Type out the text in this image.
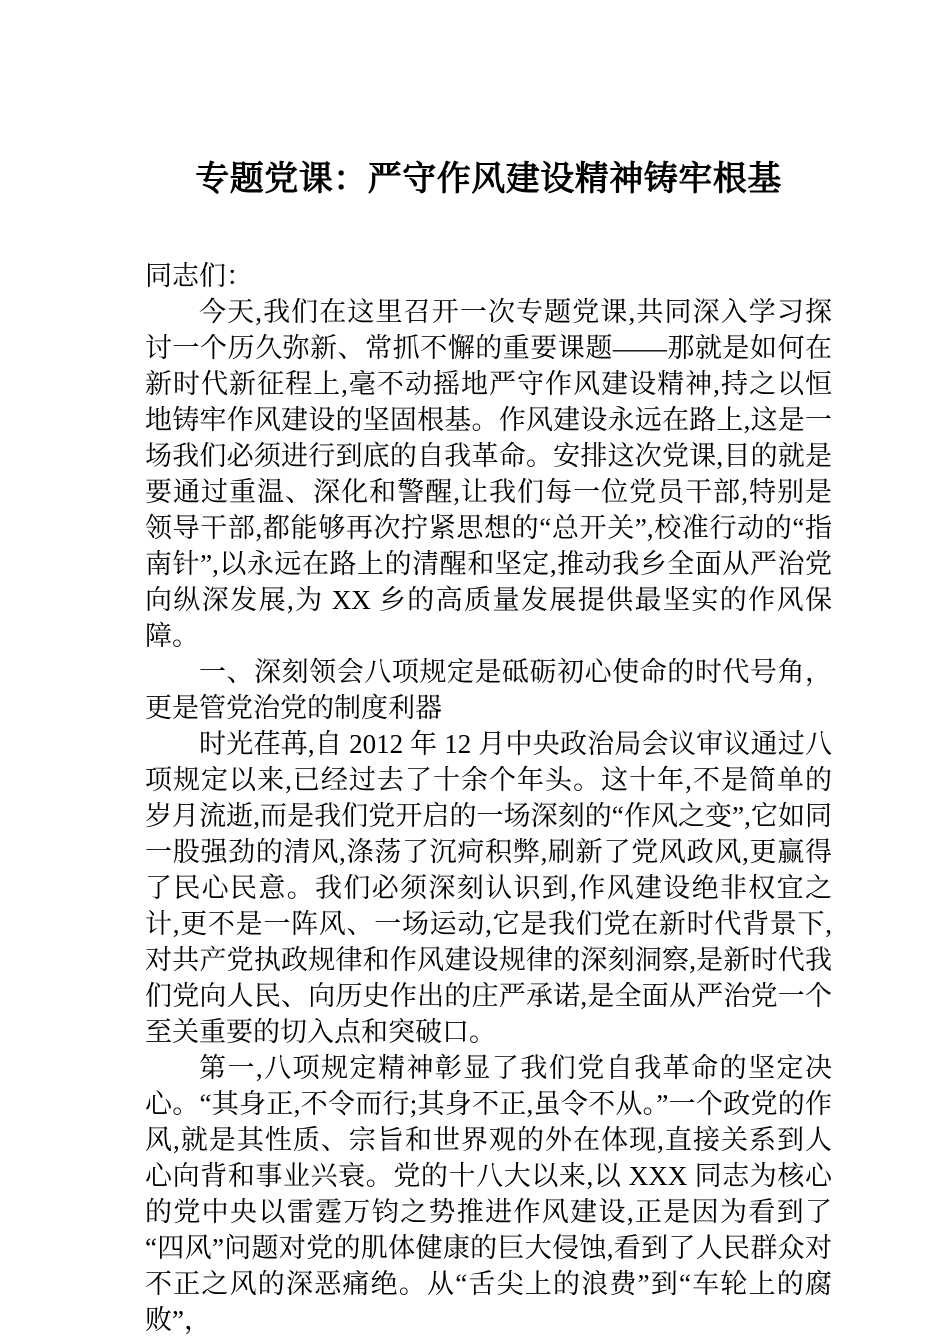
专题党课：严守作风建设精神铸牢根基

同志们：

今天,我们在这里召开一次专题党课,共同深入学习探讨一个历久弥新、常抓不懈的重要课题——那就是如何在新时代新征程上,毫不动摇地严守作风建设精神,持之以恒地铸牢作风建设的坚固根基。作风建设永远在路上,这是一场我们必须进行到底的自我革命。安排这次党课,目的就是要通过重温、深化和警醒,让我们每一位党员干部,特别是领导干部,都能够再次拧紧思想的“总开关”,校准行动的“指南针”,以永远在路上的清醒和坚定,推动我乡全面从严治党向纵深发展,为 XX 乡的高质量发展提供最坚实的作风保障。

一、深刻领会八项规定是砥砺初心使命的时代号角，更是管党治党的制度利器

时光荏苒,自 2012 年 12 月中央政治局会议审议通过八项规定以来,已经过去了十余个年头。这十年,不是简单的岁月流逝,而是我们党开启的一场深刻的“作风之变”,它如同一股强劲的清风,涤荡了沉疴积弊,刷新了党风政风,更赢得了民心民意。我们必须深刻认识到,作风建设绝非权宜之计,更不是一阵风、一场运动,它是我们党在新时代背景下,对共产党执政规律和作风建设规律的深刻洞察,是新时代我们党向人民、向历史作出的庄严承诺,是全面从严治党一个至关重要的切入点和突破口。

第一,八项规定精神彰显了我们党自我革命的坚定决心。“其身正,不令而行;其身不正,虽令不从。”一个政党的作风,就是其性质、宗旨和世界观的外在体现,直接关系到人心向背和事业兴衰。党的十八大以来,以 XXX 同志为核心的党中央以雷霆万钧之势推进作风建设,正是因为看到了“四风”问题对党的肌体健康的巨大侵蚀,看到了人民群众对不正之风的深恶痛绝。从“舌尖上的浪费”到“车轮上的腐败”，
